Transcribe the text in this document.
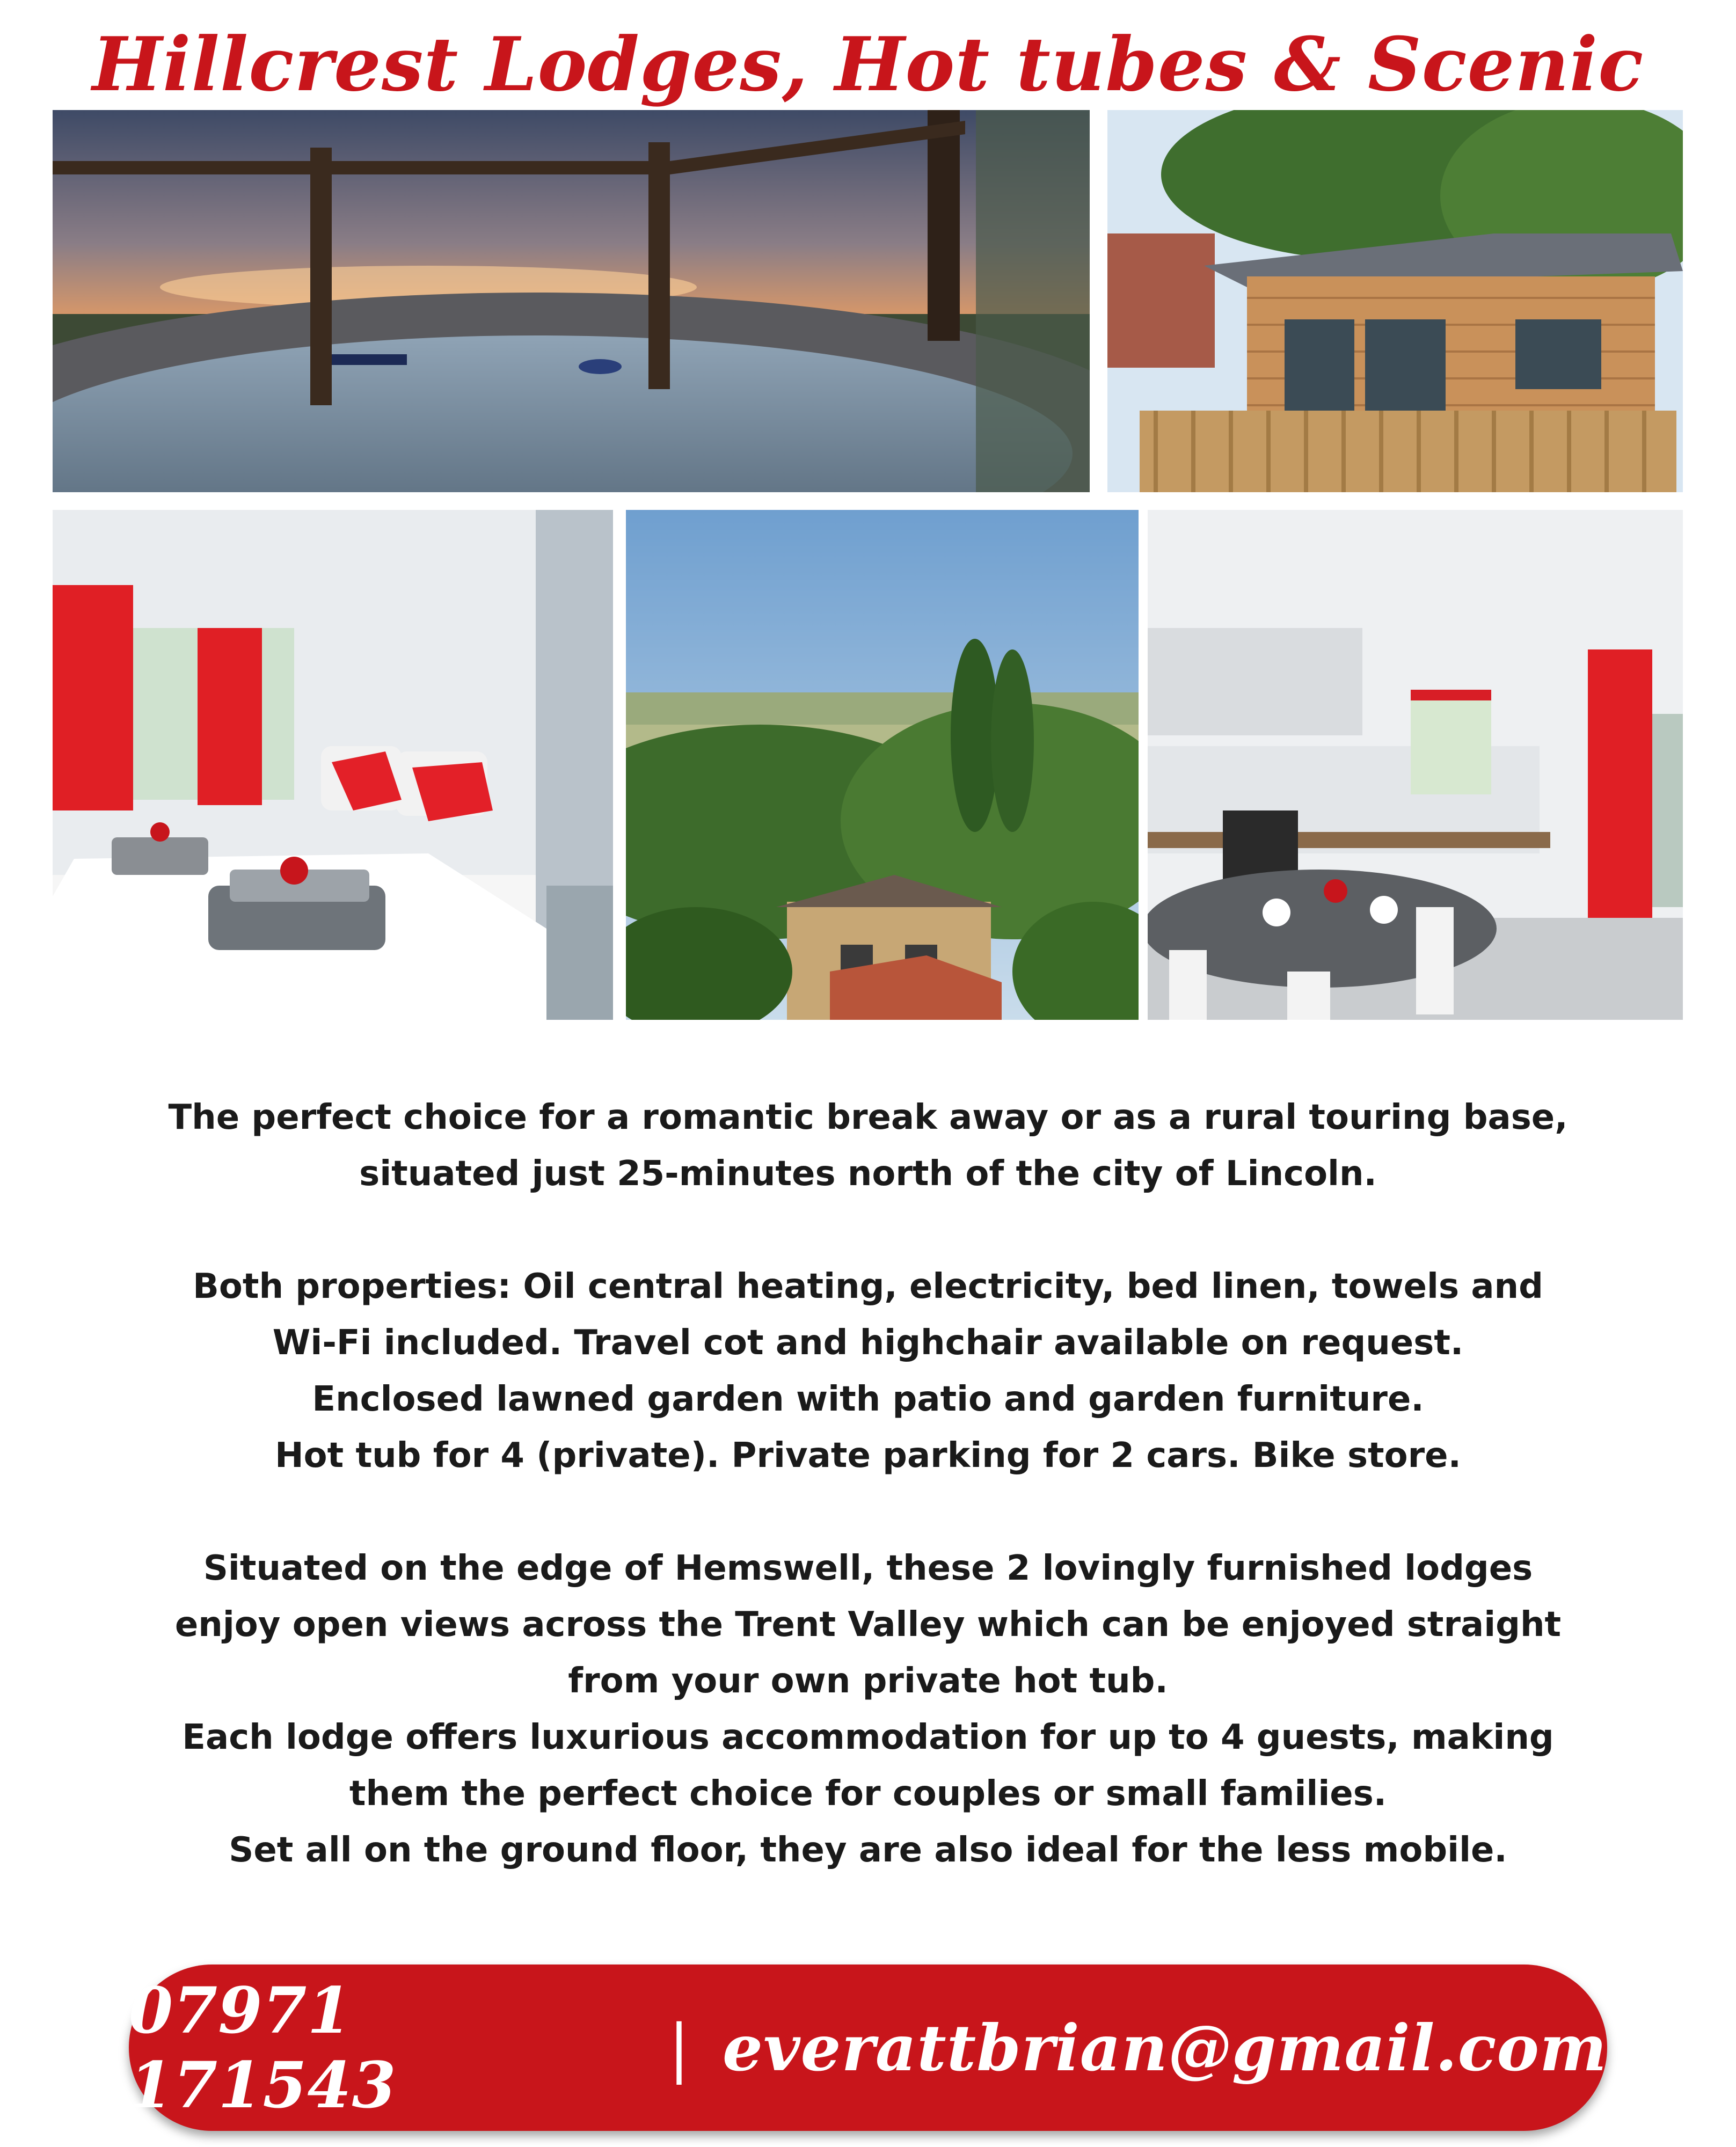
Hillcrest Lodges, Hot tubes & Scenic

The perfect choice for a romantic break away or as a rural touring base,
situated just 25-minutes north of the city of Lincoln.

Both properties: Oil central heating, electricity, bed linen, towels and
Wi-Fi included. Travel cot and highchair available on request.
Enclosed lawned garden with patio and garden furniture.
Hot tub for 4 (private). Private parking for 2 cars. Bike store.

Situated on the edge of Hemswell, these 2 lovingly furnished lodges
enjoy open views across the Trent Valley which can be enjoyed straight
from your own private hot tub.
Each lodge offers luxurious accommodation for up to 4 guests, making
them the perfect choice for couples or small families.
Set all on the ground floor, they are also ideal for the less mobile.

07971 171543	| everattbrian@gmail.com
